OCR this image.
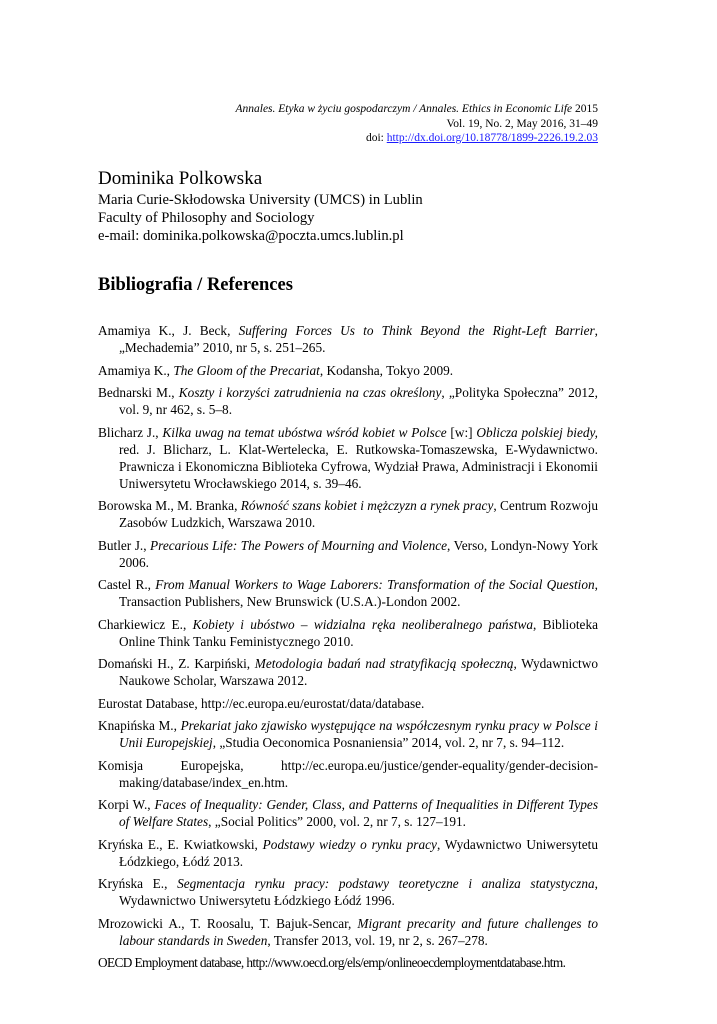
Annales. Etyka w życiu gospodarczym / Annales. Ethics in Economic Life 2015
Vol. 19, No. 2, May 2016, 31–49
doi: http://dx.doi.org/10.18778/1899-2226.19.2.03
Dominika Polkowska
Maria Curie-Skłodowska University (UMCS) in Lublin
Faculty of Philosophy and Sociology
e-mail: dominika.polkowska@poczta.umcs.lublin.pl
Bibliografia / References
Amamiya K., J. Beck, Suffering Forces Us to Think Beyond the Right-Left Barrier, „Mechademia” 2010, nr 5, s. 251–265.
Amamiya K., The Gloom of the Precariat, Kodansha, Tokyo 2009.
Bednarski M., Koszty i korzyści zatrudnienia na czas określony, „Polityka Społeczna” 2012, vol. 9, nr 462, s. 5–8.
Blicharz J., Kilka uwag na temat ubóstwa wśród kobiet w Polsce [w:] Oblicza polskiej biedy, red. J. Blicharz, L. Klat-Wertelecka, E. Rutkowska-Tomaszewska, E-Wydawnictwo. Prawnicza i Ekonomiczna Biblioteka Cyfrowa, Wydział Prawa, Administracji i Ekonomii Uniwersytetu Wrocławskiego 2014, s. 39–46.
Borowska M., M. Branka, Równość szans kobiet i mężczyzn a rynek pracy, Centrum Rozwoju Zasobów Ludzkich, Warszawa 2010.
Butler J., Precarious Life: The Powers of Mourning and Violence, Verso, Londyn-Nowy York 2006.
Castel R., From Manual Workers to Wage Laborers: Transformation of the Social Question, Transaction Publishers, New Brunswick (U.S.A.)-London 2002.
Charkiewicz E., Kobiety i ubóstwo – widzialna ręka neoliberalnego państwa, Biblioteka Online Think Tanku Feministycznego 2010.
Domański H., Z. Karpiński, Metodologia badań nad stratyfikacją społeczną, Wydawnictwo Naukowe Scholar, Warszawa 2012.
Eurostat Database, http://ec.europa.eu/eurostat/data/database.
Knapińska M., Prekariat jako zjawisko występujące na współczesnym rynku pracy w Polsce i Unii Europejskiej, „Studia Oeconomica Posnaniensia” 2014, vol. 2, nr 7, s. 94–112.
Komisja Europejska, http://ec.europa.eu/justice/gender-equality/gender-decision-making/database/index_en.htm.
Korpi W., Faces of Inequality: Gender, Class, and Patterns of Inequalities in Different Types of Welfare States, „Social Politics” 2000, vol. 2, nr 7, s. 127–191.
Kryńska E., E. Kwiatkowski, Podstawy wiedzy o rynku pracy, Wydawnictwo Uniwersytetu Łódzkiego, Łódź 2013.
Kryńska E., Segmentacja rynku pracy: podstawy teoretyczne i analiza statystyczna, Wydawnictwo Uniwersytetu Łódzkiego Łódź 1996.
Mrozowicki A., T. Roosalu, T. Bajuk-Sencar, Migrant precarity and future challenges to labour standards in Sweden, Transfer 2013, vol. 19, nr 2, s. 267–278.
OECD Employment database, http://www.oecd.org/els/emp/onlineoecdemploymentdatabase.htm.
